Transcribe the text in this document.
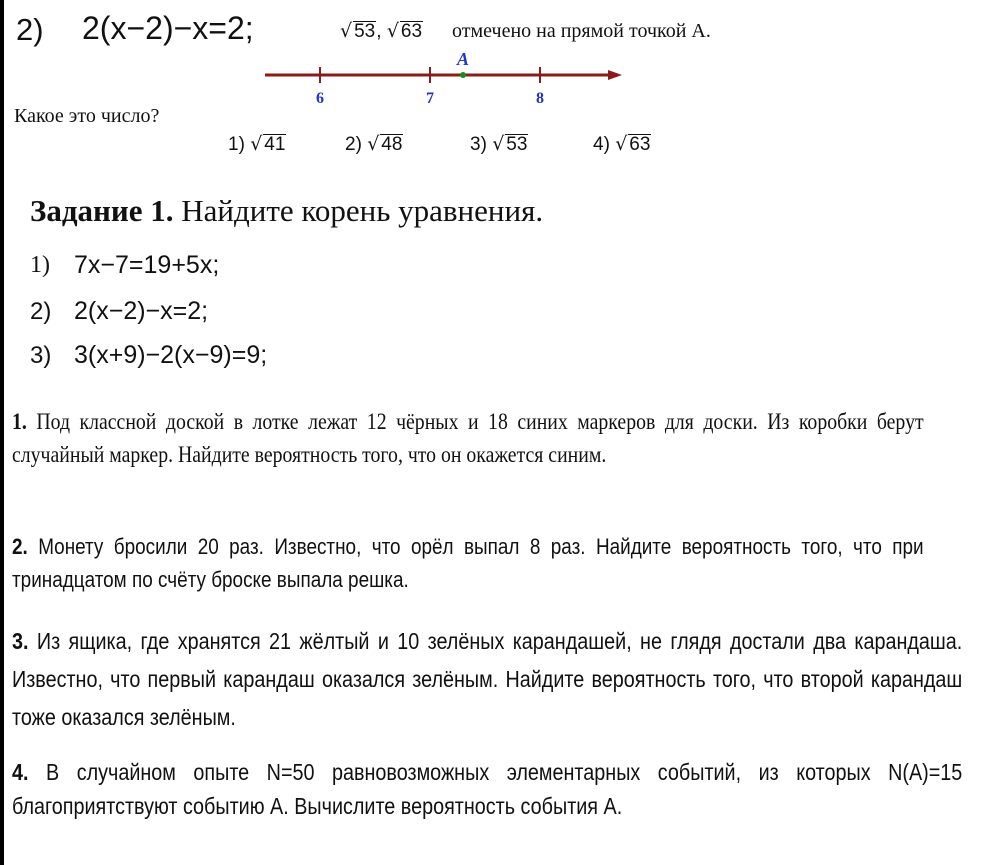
2) 2(x−2)−x=2;	√ 53, √ 63 отмечено на прямой точкой А.
6	7	8
A
Какое это число?
1) √ 41	2) √ 48	3) √ 53	4) √ 63
Задание 1. Найдите корень уравнения.
1) 7x−7=19+5x;
2) 2(x−2)−x=2;
3) 3(x+9)−2(x−9)=9;
1. Под классной доской в лотке лежат 12 чёрных и 18 синих маркеров для доски. Из коробки берут случайный маркер. Найдите вероятность того, что он окажется синим.
2. Монету бросили 20 раз. Известно, что орёл выпал 8 раз. Найдите вероятность того, что при тринадцатом по счёту броске выпала решка.
3. Из ящика, где хранятся 21 жёлтый и 10 зелёных карандашей, не глядя достали два карандаша. Известно, что первый карандаш оказался зелёным. Найдите вероятность того, что второй карандаш тоже оказался зелёным.
4. В случайном опыте N=50 равновозможных элементарных событий, из которых N(A)=15 благоприятствуют событию А. Вычислите вероятность события А.
